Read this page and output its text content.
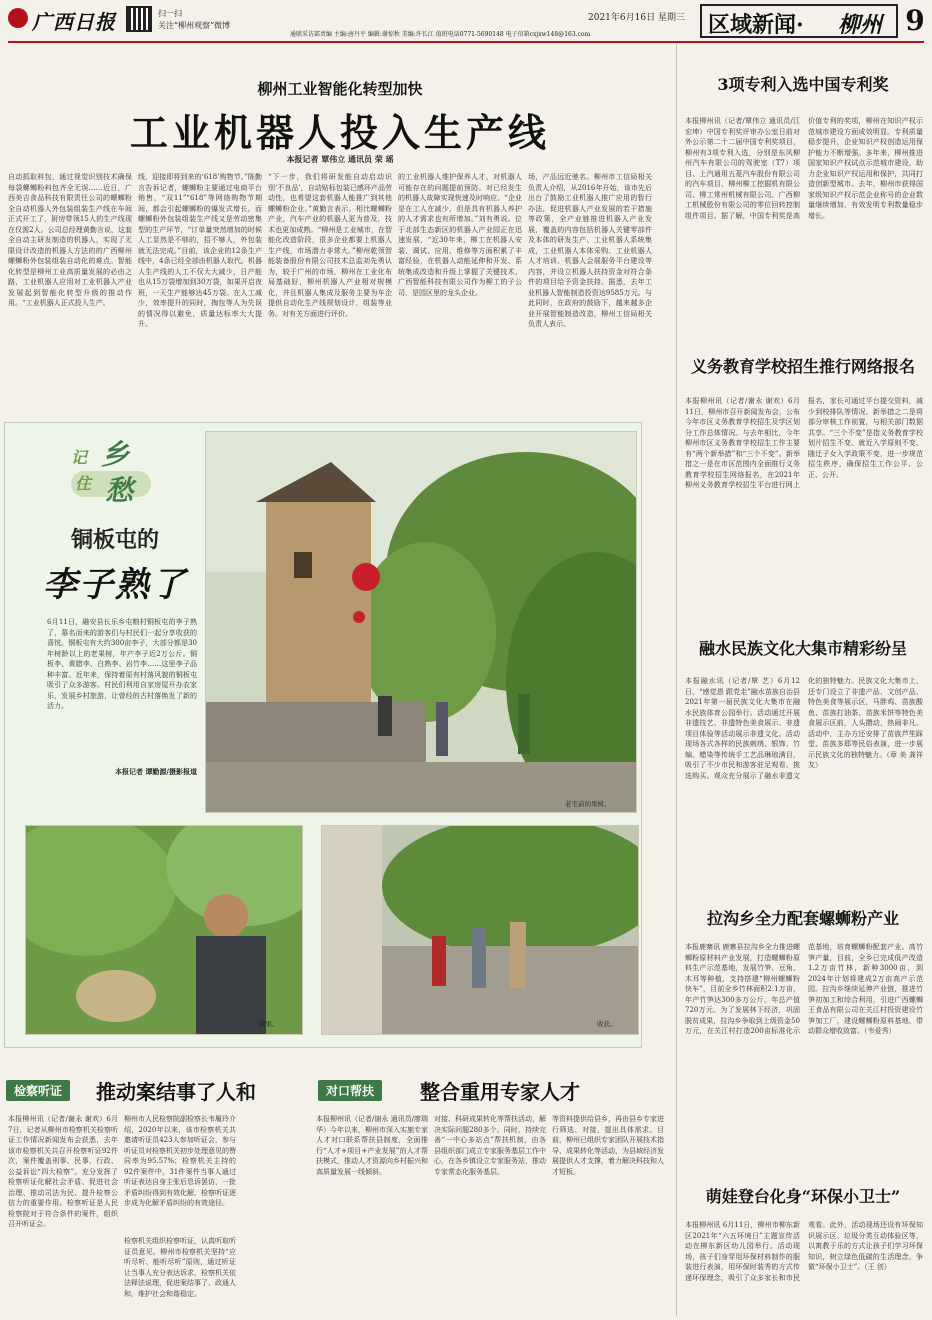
广西日报	扫一扫
关注“柳州观察”微博
2021年6月16日 星期三
通联采访部责编 主编:唐丹平 编辑:谢惊秋 美编:许长江 值班电话0771-5690148 电子信箱cxjxw148@163.com	区域新闻· 柳州 9
柳州工业智能化转型加快
工业机器人投入生产线
本报记者 覃伟立 通讯员 荣 瑶
自动抓取料包，通过视觉识别技术确保每袋螺蛳粉料包齐全无误……近日，广西美吉食品科技有限责任公司的螺蛳粉全自动机器人外包装组装生产线在车间正式开工了，厨房带领15人的生产线现在仅需2人。公司总经理黄勤言说，这套全自动主研发制造的机器人，实现了无限设计改造的机器人方法的的广西柳州螺蛳粉外包装组装自动化的难点。智能化转型是柳州工业高质量发展的必由之路，工业机器人应用对工业机器人产业发展起到智能化转型升级的推动作用。“工业机器人正式投入生产。
线，迎接即将到来的‘618’购物节。”陈勤言告诉记者，螺蛳粉主要通过电商平台销售，“双11”“618”等网络购物节期间，都会引起螺蛳粉的爆发式增长。而螺蛳粉外包装组装生产线又是劳动密集型的生产环节，“订单量突然增加的时候人工显然是不够的，招不够人，外包装就无法完成。”目前，该企业的12条生产线中，4条已经全部由机器人取代。机器人生产线的人工不仅大大减少，日产能也从15万袋增加到30万袋，如果开启夜班，一天生产能够达45万袋。在人工减少，效率提升的同时，掏包等人为失误的情况得以避免，质量达标率大大提升。
“下一步，我们将研发能自动启动识别‘不良品’，自动贴标包装已感环产品劳动性，也希望这套机器人能推广到其他螺蛳粉企业。”黄勤言表示。相比螺蛳粉产业，汽车产业的机器人更为普及，技术也更加成熟。“柳州是工业城市，在智能化改造阶段，很多企业都要上机器人生产线，市场潜力非常大。”柳州乾领智能装备股份有限公司技术总监刘先勇认为，较于广州的市场，柳州在工业化布局基础好，柳州机器人产业相对规模化，并且机器人集成及服务主要为车企提供自动化生产线规划设计，组装等业务。对有关方面进行评价。
的工业机器人维护保养人才，对机器人可能存在的问题提前预防。对已经发生的机器人故障实现快速及时响应。“企业是在工人在减少，但是具有机器人养护的人才需求也有所增加。”刘有勇说。位于北部生态新区的机器人产业园正在迅速发展，“近30年来，柳工在机器人安装、调试、应用、维修等方面积累了丰富经验，在机器人动能延伸和开发、系统集成改造和升级上掌握了关键技术，广西智能科技有限公司作为柳工的子公司，是园区里的龙头企业。
场，产品远近驰名。柳州市工信局相关负责人介绍，从2016年开始，该市先后出台了鼓励工业机器人推广应用的暂行办法，促进机器人产业发展的若干措施等政策，全产业链推进机器人产业发展，覆盖的内容包括机器人关键零部件及本体的研发生产、工业机器人系统集成，工业机器人本体采购、工业机器人人才培训、机器人会展服务平台建设等内容，并设立机器人扶持资金对符合条件的项目给予资金扶持。据悉，去年工业机器人智能制造投资达9585万元。与此同时，在政府的鼓励下，越来越多企业开展智能制造改造，柳州工信局相关负责人表示。
记
住
乡
愁
铜板屯的
李子熟了
6月11日，融安县长乐乡屯粮村铜板屯的李子熟了，慕名而来的游客们与村民们一起分享收获的喜悦。铜板屯有大约300亩李子，大部分都是30年树龄以上的老果树，年产李子近2万公斤。铜板李、黄腊李、白熟李、岩竹李……这里李子品种丰富。近年来，保持着原有村落风貌的铜板屯吸引了众多游客。村民们利用自家房屋开办农家乐，发展乡村旅游，让曾经的古村落焕发了新的活力。
本报记者 谭勤源/摄影报道
老宅前的果树。
摘果。	收获。
检察听证	推动案结事了人和
本报柳州讯（记者/谢永 谢欢）6月7日，记者从柳州市检察机关检察听证工作情况新闻发布会获悉，去年该市检察机关共召开检察听证92件次，案件覆盖刑事、民事、行政、公益诉讼“四大检察”。充分发挥了检察听证化解社会矛盾、促进社会治理、推动司法为民、提升检察公信力的重要作用。检察听证是人民检察院对于符合条件的案件，组织召开听证会。
柳州市人民检察院副检察长韦履玲介绍，2020年以来，该市检察机关共邀请听证员423人参加听证会，参与听证员对检察机关初步处理意见的赞同率为95.57%；检察机关主持的92件案件中，31件案件当事人通过听证表达自身主张后息诉罢访，一批矛盾纠纷得到有效化解，检察听证逐步成为化解矛盾纠纷的有效途径。
检察机关组织检察听证，认真听取听证员意见。柳州市检察机关坚持“应听尽听、能听尽听”原则，通过听证让当事人充分表达诉求，检察机关依法释法说理，促进案结事了、政通人和，维护社会和谐稳定。
对口帮扶	整合重用专家人才
本报柳州讯（记者/谢永 通讯员/廖瑞华）今年以来，柳州市深入实施专家人才对口联系帮扶县制度，全面推行“人才+项目+产业发展”的人才帮扶模式，推动人才资源向乡村振兴和高质量发展一线倾斜。
对接、科研成果转化等帮扶活动，解决实际问题280多个。同时，持续完善“一中心多站点”帮扶机制，由各县组织部门成立专家服务基层工作中心，在各乡镇设立专家服务站，推动专家常态化服务基层。
等资料提供给县乡，再由县乡专家进行筛选、对接，提出具体需求。目前，柳州已组织专家团队开展技术指导、成果转化等活动，为县域经济发展提供人才支撑，着力解决科技和人才短板。
3项专利入选中国专利奖
本报柳州讯（记者/覃伟立 通讯员/江宏坤）中国专利奖评审办公室日前对外公示第二十二届中国专利奖项目，柳州有3项专利入选，分别是东风柳州汽车有限公司的驾驶室（T7）项目、上汽通用五菱汽车股份有限公司的汽车项目、柳州柳工挖掘机有限公司、柳工常州机械有限公司、广西柳工机械股份有限公司的零位回转控制组件项目。据了解，中国专利奖是高价值专利的奖项，柳州在知识产权示范城市建设方面成效明显。专利质量稳步提升，企业知识产权创造运用保护能力不断增强。多年来，柳州推进国家知识产权试点示范城市建设，助力企业知识产权运用和保护，共同打造创新型城市。去年，柳州市获得国家级知识产权示范企业称号的企业数量继续增加，有效发明专利数量稳步增长。
义务教育学校招生推行网络报名
本报柳州讯（记者/谢永 谢欢）6月11日，柳州市召开新闻发布会，公布今年市区义务教育学校招生及学区划分工作总体情况。与去年相比，今年柳州市区义务教育学校招生工作主要有“两个新举措”和“三个不变”。新举措之一是在市区范围内全面推行义务教育学校招生网络报名，在2021年柳州义务教育学校招生平台进行网上报名，家长可通过平台提交资料，减少到校排队等情况。新举措之二是将部分审核工作前置，与相关部门数据共享。“三个不变”是指义务教育学校划片招生不变、就近入学原则不变、随迁子女入学政策不变，进一步规范招生秩序，确保招生工作公平、公正、公开。
融水民族文化大集市精彩纷呈
本报融水讯（记者/覃 艺）6月12日，“感觉恩 跟党走”融水苗族自治县2021年第一届民族文化大集市在融水民族体育公园举行。活动通过开展非遗技艺、非遗特色美食展示、非遗项目体验等活动展示非遗文化。活动现场各式各样的民族刺绣、银饰、竹编、蜡染等传统手工艺品琳琅满目，吸引了不少市民和游客驻足观看、挑选购买。观众充分展示了融水非遗文化的独特魅力。民族文化大集市上，还专门设立了非遗产品、文创产品、特色美食等展示区，马胖鸡、苗族酸鱼、苗族打油茶、苗族米饼等特色美食展示区前，人头攒动，热闹非凡。活动中，主办方还安排了苗族芦笙踩堂、苗族多耶等民俗表演，进一步展示民族文化的独特魅力。（章 美 龚祥友）
拉沟乡全力配套螺蛳粉产业
本报鹿寨讯 鹿寨县拉沟乡全力推进螺蛳粉原材料产业发展，打造螺蛳粉原料生产示范基地，发展竹笋、豆角、木耳等种植，支持搭建“柳州螺蛳粉快车”，目前全乡竹林面积2.1万亩，年产竹笋达300多万公斤，年总产值720万元。为了发展林下经济，巩固脱贫成果，拉沟乡争取到上级资金50万元，在关江村打造200亩标准化示范基地，培育螺蛳粉配套产业。高竹笋产量，目前，全乡已完成低产改造1.2万亩竹林，新种3000亩，到2024年计划将建成2万亩高产示范园。拉沟乡继续延伸产业链，推进竹笋初加工和综合利用，引进广西螺蛳王食品有限公司在关江村投资建设竹笋加工厂，建设螺蛳粉原料基地，带动群众增收致富。（韦爱秀）
萌娃登台化身“环保小卫士”
本报柳州讯 6月11日，柳州市柳东新区2021年“六五环境日”主题宣传活动在柳东新区幼儿园举行。活动现场，孩子们身穿用环保材料制作的服装进行表演，用环保时装秀的方式传递环保理念，吸引了众多家长和市民观看。此外，活动现场还设有环保知识展示区、垃圾分类互动体验区等，以寓教于乐的方式让孩子们学习环保知识，树立绿色低碳的生活理念，争做“环保小卫士”。（王 创）
